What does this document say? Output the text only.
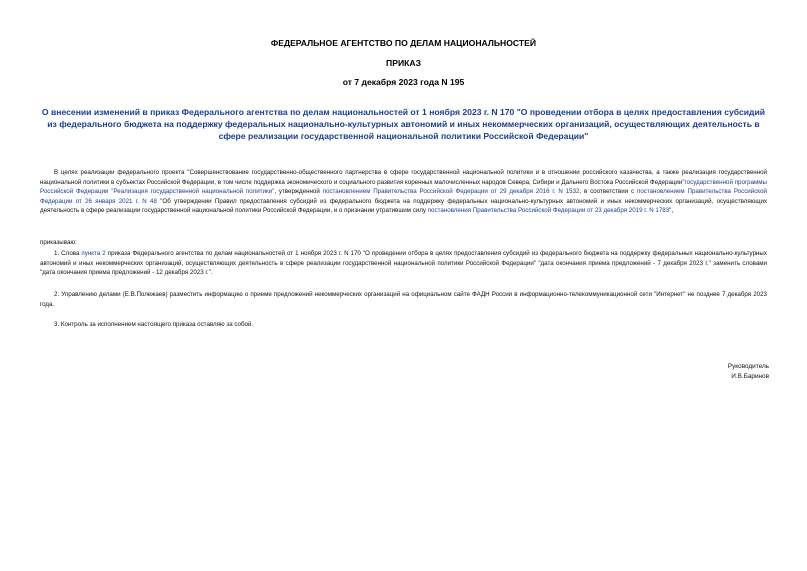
ФЕДЕРАЛЬНОЕ АГЕНТСТВО ПО ДЕЛАМ НАЦИОНАЛЬНОСТЕЙ
ПРИКАЗ
от 7 декабря 2023 года N 195
О внесении изменений в приказ Федерального агентства по делам национальностей от 1 ноября 2023 г. N 170 "О проведении отбора в целях предоставления субсидий из федерального бюджета на поддержку федеральных национально-культурных автономий и иных некоммерческих организаций, осуществляющих деятельность в сфере реализации государственной национальной политики Российской Федерации"

В целях реализации федерального проекта "Совершенствование государственно-общественного партнерства в сфере государственной национальной политики и в отношении российского казачества, а также реализация государственной национальной политики в субъектах Российской Федерации, в том числе поддержка экономического и социального развития коренных малочисленных народов Севера, Сибири и Дальнего Востока Российской Федерации"государственной программы Российской Федерации "Реализация государственной национальной политики", утвержденной постановлением Правительства Российской Федерации от 29 декабря 2016 г. N 1532, в соответствии с постановлением Правительства Российской Федерации от 26 января 2021 г. N 48 "Об утверждении Правил предоставления субсидий из федерального бюджета на поддержку федеральных национально-культурных автономий и иных некоммерческих организаций, осуществляющих деятельность в сфере реализации государственной национальной политики Российской Федерации, и о признании утратившим силу постановления Правительства Российской Федерации от 23 декабря 2019 г. N 1783",

приказываю:

1. Слова пункта 2 приказа Федерального агентства по делам национальностей от 1 ноября 2023 г. N 170 "О проведении отбора в целях предоставления субсидий из федерального бюджета на поддержку федеральных национально-культурных автономий и иных некоммерческих организаций, осуществляющих деятельность в сфере реализации государственной национальной политики Российской Федерации" "дата окончания приема предложений - 7 декабря 2023 г." заменить словами "дата окончания приема предложений - 12 декабря 2023 г.".

2. Управлению делами (Е.В.Полежаев) разместить информацию о приеме предложений некоммерческих организаций на официальном сайте ФАДН России в информационно-телекоммуникационной сети "Интернет" не позднее 7 декабря 2023 года.

3. Контроль за исполнением настоящего приказа оставляю за собой.

Руководитель
И.В.Баринов
